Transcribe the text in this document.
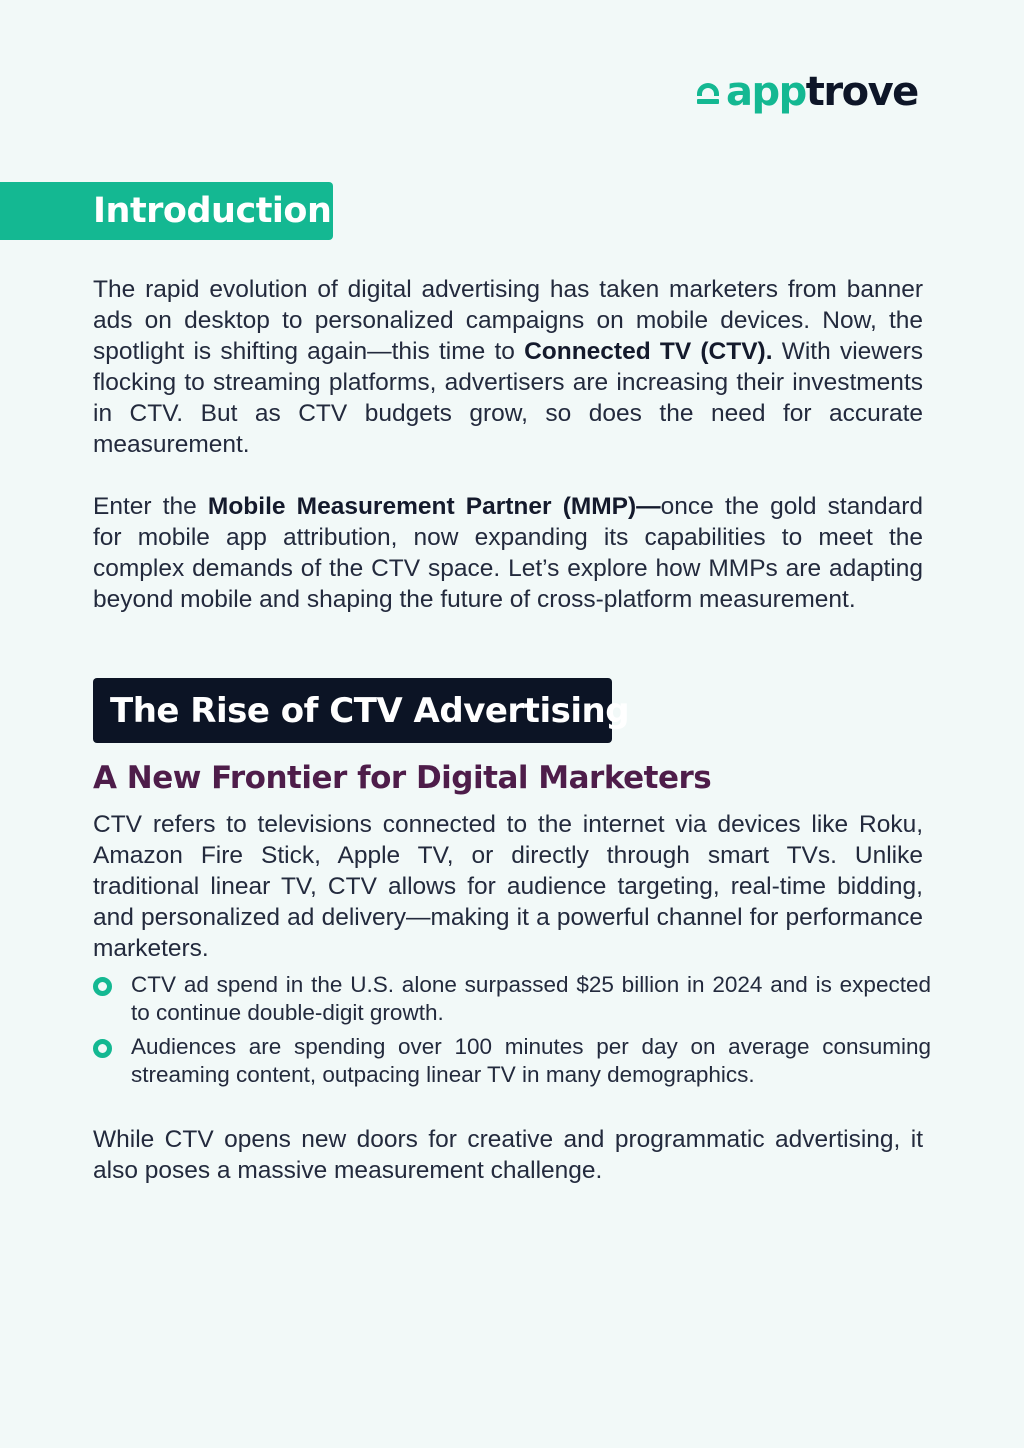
apptrove
Introduction

The rapid evolution of digital advertising has taken marketers from banner ads on desktop to personalized campaigns on mobile devices. Now, the spotlight is shifting again—this time to Connected TV (CTV). With viewers flocking to streaming platforms, advertisers are increasing their investments in CTV. But as CTV budgets grow, so does the need for accurate measurement.

Enter the Mobile Measurement Partner (MMP)—once the gold standard for mobile app attribution, now expanding its capabilities to meet the complex demands of the CTV space. Let’s explore how MMPs are adapting beyond mobile and shaping the future of cross-platform measurement.

The Rise of CTV Advertising
A New Frontier for Digital Marketers

CTV refers to televisions connected to the internet via devices like Roku, Amazon Fire Stick, Apple TV, or directly through smart TVs. Unlike traditional linear TV, CTV allows for audience targeting, real-time bidding, and personalized ad delivery—making it a powerful channel for performance marketers.

CTV ad spend in the U.S. alone surpassed $25 billion in 2024 and is expected to continue double-digit growth.
Audiences are spending over 100 minutes per day on average consuming streaming content, outpacing linear TV in many demographics.

While CTV opens new doors for creative and programmatic advertising, it also poses a massive measurement challenge.
